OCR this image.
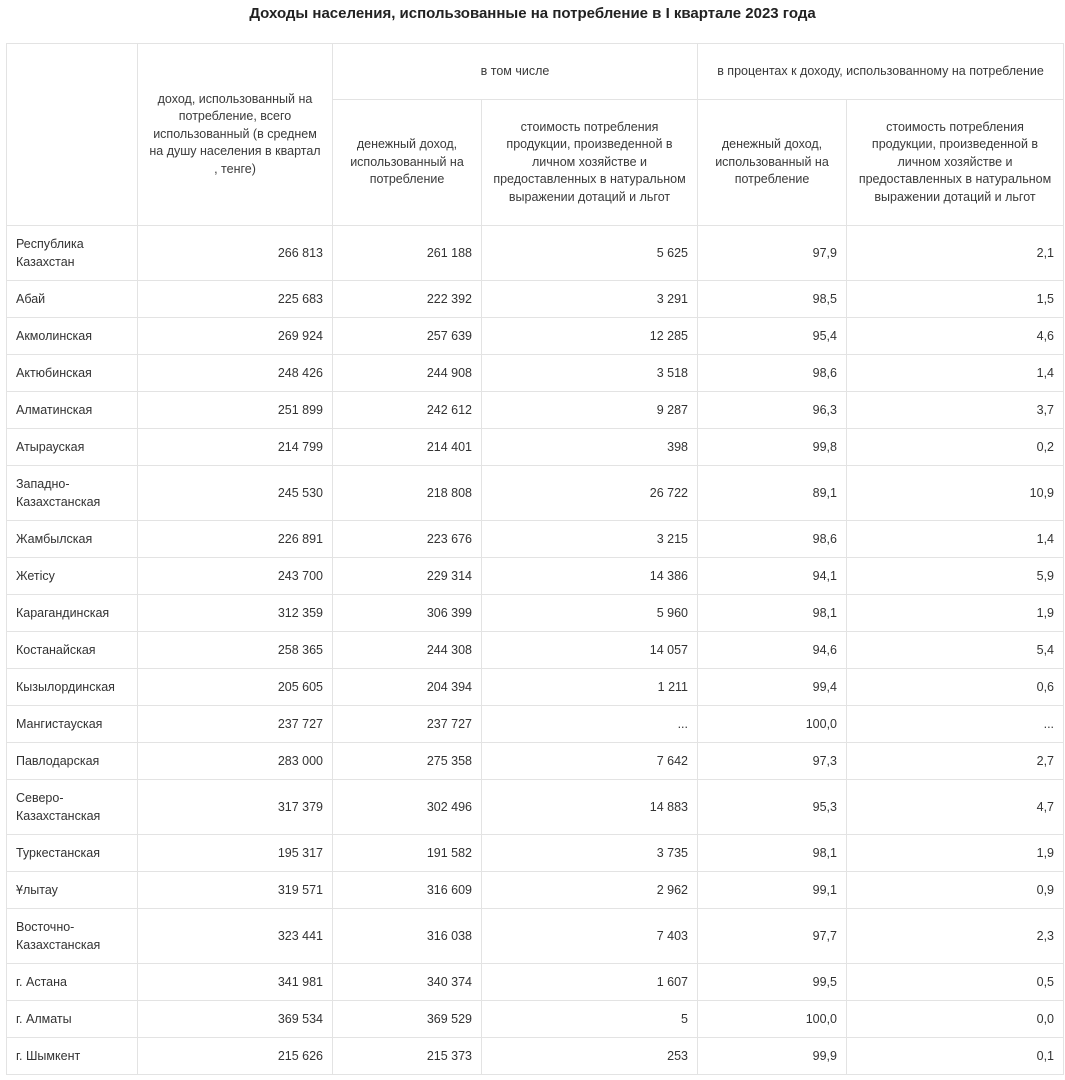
Доходы населения, использованные на потребление в I квартале 2023 года
	доход, использованный на потребление, всего использованный (в среднем на душу населения в квартал , тенге)	в том числе		в процентах к доходу, использованному на потребление	
		денежный доход, использованный на потребление	стоимость потребления продукции, произведенной в личном хозяйстве и предоставленных в натуральном выражении дотаций и льгот	денежный доход, использованный на потребление	стоимость потребления продукции, произведенной в личном хозяйстве и предоставленных в натуральном выражении дотаций и льгот
Республика Казахстан	266 813	261 188	5 625	97,9	2,1
Абай	225 683	222 392	3 291	98,5	1,5
Акмолинская	269 924	257 639	12 285	95,4	4,6
Актюбинская	248 426	244 908	3 518	98,6	1,4
Алматинская	251 899	242 612	9 287	96,3	3,7
Атырауская	214 799	214 401	398	99,8	0,2
Западно-Казахстанская	245 530	218 808	26 722	89,1	10,9
Жамбылская	226 891	223 676	3 215	98,6	1,4
Жетісу	243 700	229 314	14 386	94,1	5,9
Карагандинская	312 359	306 399	5 960	98,1	1,9
Костанайская	258 365	244 308	14 057	94,6	5,4
Кызылординская	205 605	204 394	1 211	99,4	0,6
Мангистауская	237 727	237 727	...	100,0	...
Павлодарская	283 000	275 358	7 642	97,3	2,7
Северо-Казахстанская	317 379	302 496	14 883	95,3	4,7
Туркестанская	195 317	191 582	3 735	98,1	1,9
Ұлытау	319 571	316 609	2 962	99,1	0,9
Восточно-Казахстанская	323 441	316 038	7 403	97,7	2,3
г. Астана	341 981	340 374	1 607	99,5	0,5
г. Алматы	369 534	369 529	5	100,0	0,0
г. Шымкент	215 626	215 373	253	99,9	0,1
